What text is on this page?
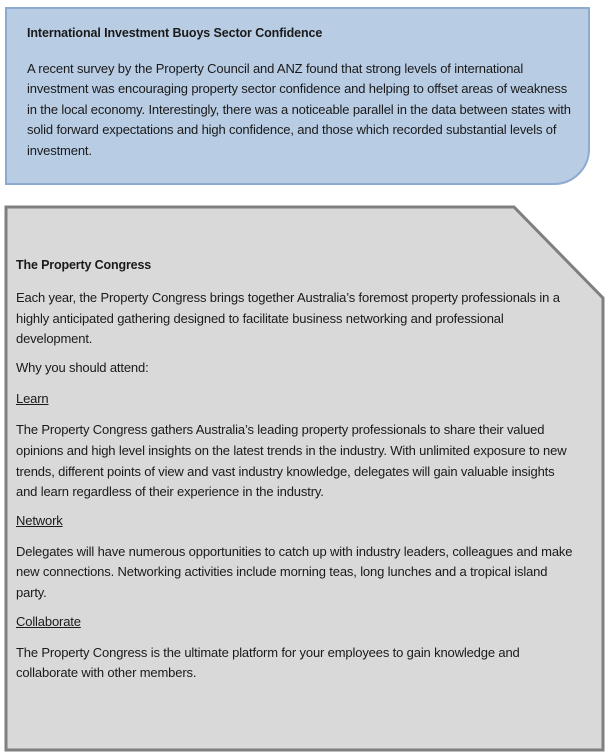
International Investment Buoys Sector Confidence
A recent survey by the Property Council and ANZ found that strong levels of international investment was encouraging property sector confidence and helping to offset areas of weakness in the local economy. Interestingly, there was a noticeable parallel in the data between states with solid forward expectations and high confidence, and those which recorded substantial levels of investment.
The Property Congress
Each year, the Property Congress brings together Australia’s foremost property professionals in a highly anticipated gathering designed to facilitate business networking and professional development.
Why you should attend:
Learn
The Property Congress gathers Australia’s leading property professionals to share their valued opinions and high level insights on the latest trends in the industry. With unlimited exposure to new trends, different points of view and vast industry knowledge, delegates will gain valuable insights and learn regardless of their experience in the industry.
Network
Delegates will have numerous opportunities to catch up with industry leaders, colleagues and make new connections. Networking activities include morning teas, long lunches and a tropical island party.
Collaborate
The Property Congress is the ultimate platform for your employees to gain knowledge and collaborate with other members.
